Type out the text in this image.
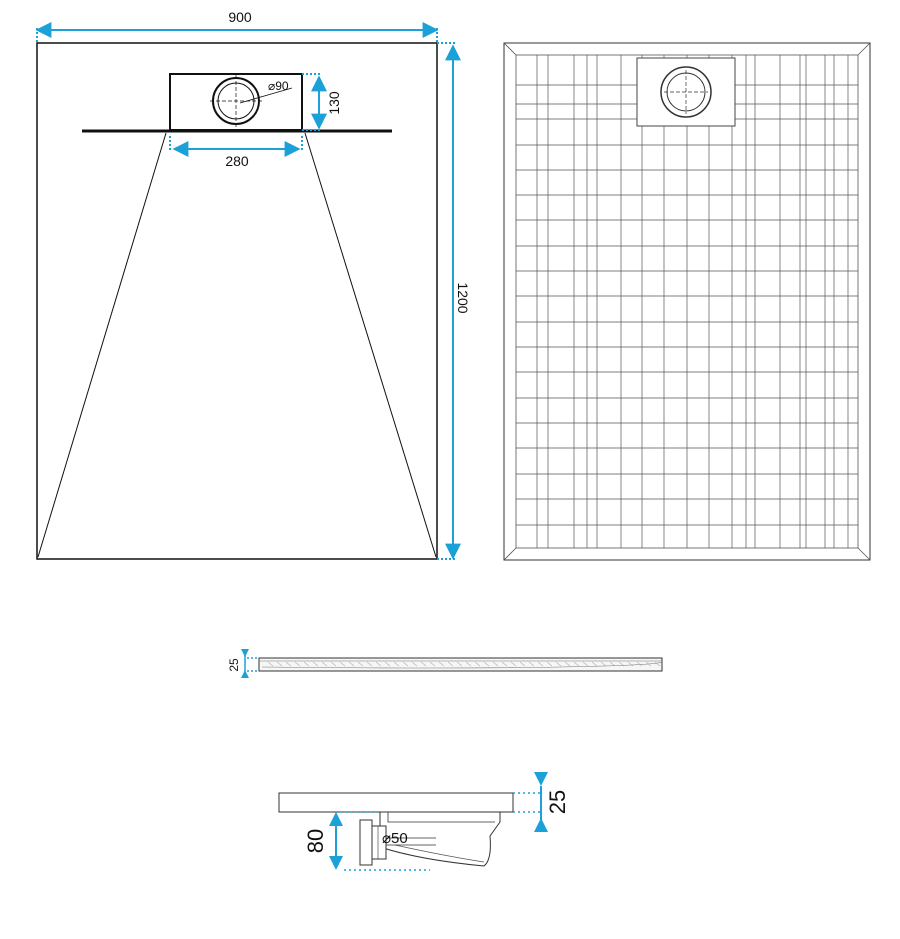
⌀90
900
1200
130
280
25
⌀50
80
25
